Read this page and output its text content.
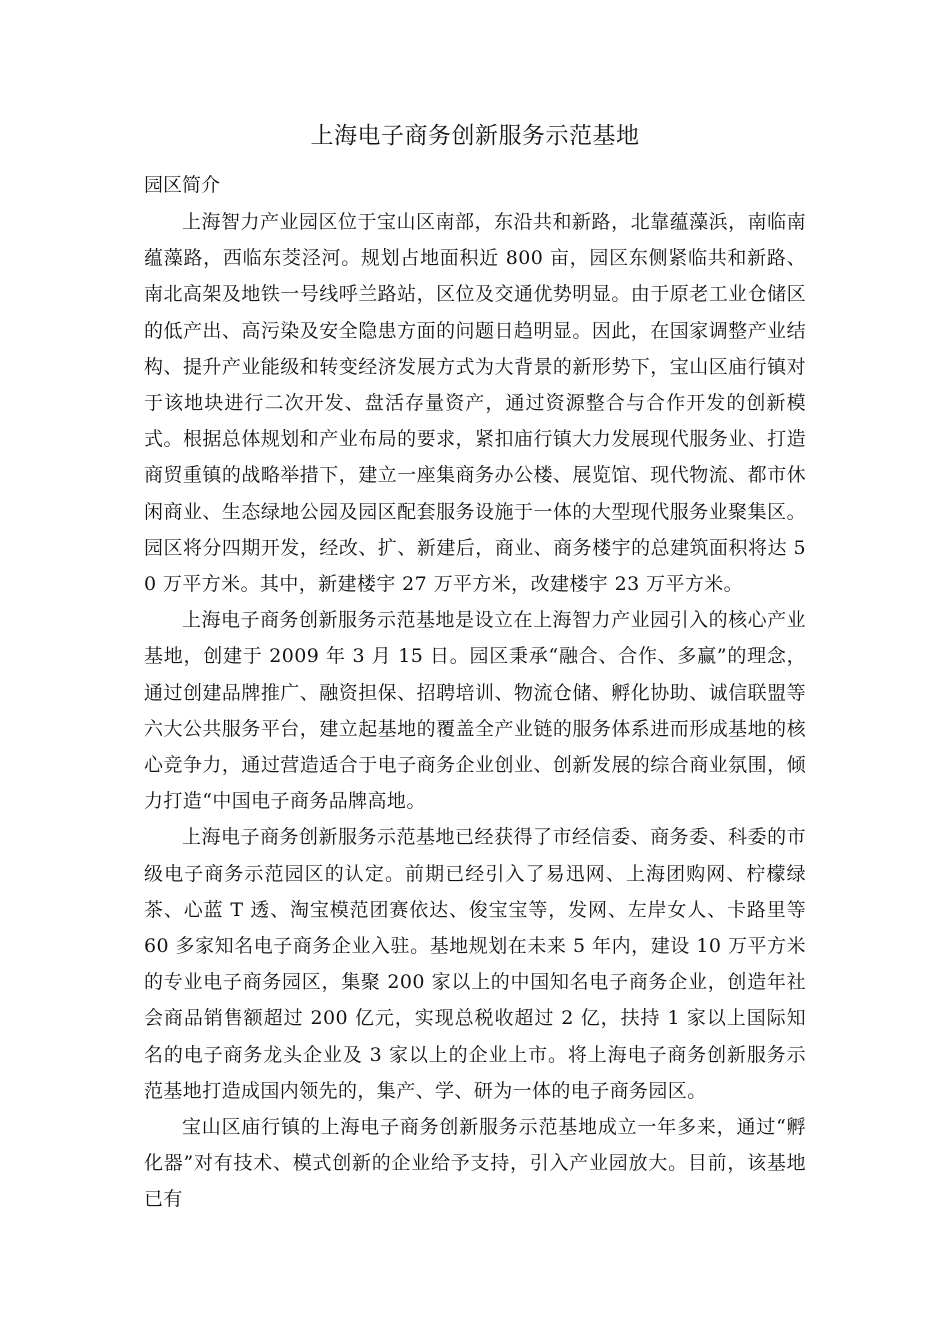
上海电子商务创新服务示范基地

园区简介

上海智力产业园区位于宝山区南部，东沿共和新路，北靠蕴藻浜，南临南蕴藻路，西临东茭泾河。规划占地面积近 800 亩，园区东侧紧临共和新路、南北高架及地铁一号线呼兰路站，区位及交通优势明显。由于原老工业仓储区的低产出、高污染及安全隐患方面的问题日趋明显。因此，在国家调整产业结构、提升产业能级和转变经济发展方式为大背景的新形势下，宝山区庙行镇对于该地块进行二次开发、盘活存量资产，通过资源整合与合作开发的创新模式。根据总体规划和产业布局的要求，紧扣庙行镇大力发展现代服务业、打造商贸重镇的战略举措下，建立一座集商务办公楼、展览馆、现代物流、都市休闲商业、生态绿地公园及园区配套服务设施于一体的大型现代服务业聚集区。园区将分四期开发，经改、扩、新建后，商业、商务楼宇的总建筑面积将达 50 万平方米。其中，新建楼宇 27 万平方米，改建楼宇 23 万平方米。

上海电子商务创新服务示范基地是设立在上海智力产业园引入的核心产业基地，创建于 2009 年 3 月 15 日。园区秉承“融合、合作、多赢”的理念，通过创建品牌推广、融资担保、招聘培训、物流仓储、孵化协助、诚信联盟等六大公共服务平台，建立起基地的覆盖全产业链的服务体系进而形成基地的核心竞争力，通过营造适合于电子商务企业创业、创新发展的综合商业氛围，倾力打造“中国电子商务品牌高地。

上海电子商务创新服务示范基地已经获得了市经信委、商务委、科委的市级电子商务示范园区的认定。前期已经引入了易迅网、上海团购网、柠檬绿茶、心蓝 T 透、淘宝模范团赛依达、俊宝宝等，发网、左岸女人、卡路里等 60 多家知名电子商务企业入驻。基地规划在未来 5 年内，建设 10 万平方米的专业电子商务园区，集聚 200 家以上的中国知名电子商务企业，创造年社会商品销售额超过 200 亿元，实现总税收超过 2 亿，扶持 1 家以上国际知名的电子商务龙头企业及 3 家以上的企业上市。将上海电子商务创新服务示范基地打造成国内领先的，集产、学、研为一体的电子商务园区。

宝山区庙行镇的上海电子商务创新服务示范基地成立一年多来，通过“孵化器”对有技术、模式创新的企业给予支持，引入产业园放大。目前，该基地已有
